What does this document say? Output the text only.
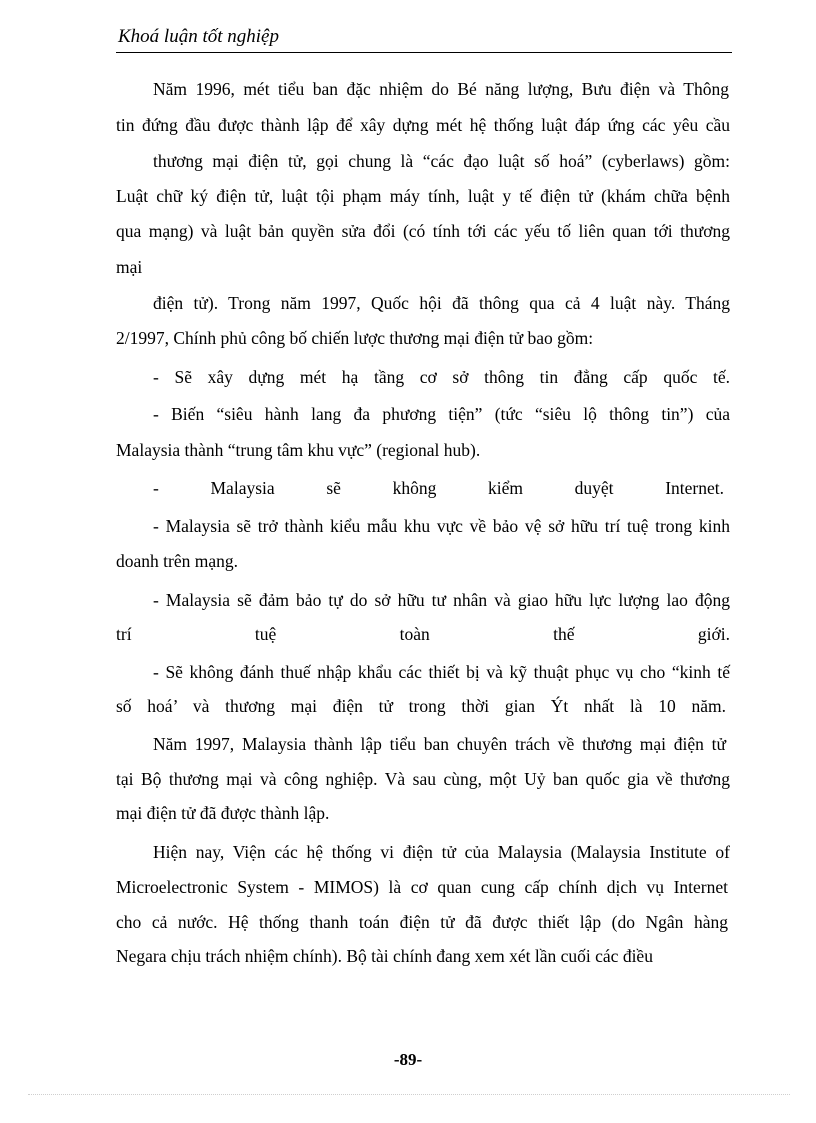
Khoá luận tốt nghiệp
Năm 1996, mét tiểu ban đặc nhiệm do Bé năng lượng, Bưu điện và Thông
tin đứng đầu được thành lập để xây dựng mét hệ thống luật đáp ứng các yêu cầu
thương mại điện tử, gọi chung là “các đạo luật số hoá” (cyberlaws) gồm:
Luật chữ ký điện tử, luật tội phạm máy tính, luật y tế điện tử (khám chữa bệnh
qua mạng) và luật bản quyền sửa đổi (có tính tới các yếu tố liên quan tới thương
mại
điện tử). Trong năm 1997, Quốc hội đã thông qua cả 4 luật này. Tháng
2/1997, Chính phủ công bố chiến lược thương mại điện tử bao gồm:
- Sẽ xây dựng mét hạ tầng cơ sở thông tin đẳng cấp quốc tế.
- Biến “siêu hành lang đa phương tiện” (tức “siêu lộ thông tin”) của
Malaysia thành “trung tâm khu vực” (regional hub).
- Malaysia sẽ không kiểm duyệt Internet.
- Malaysia sẽ trở thành kiểu mẫu khu vực về bảo vệ sở hữu trí tuệ trong kinh
doanh trên mạng.
- Malaysia sẽ đảm bảo tự do sở hữu tư nhân và giao hữu lực lượng lao động
trí tuệ toàn thế giới.
- Sẽ không đánh thuế nhập khẩu các thiết bị và kỹ thuật phục vụ cho “kinh tế
số hoá’ và thương mại điện tử trong thời gian Ýt nhất là 10 năm.
Năm 1997, Malaysia thành lập tiểu ban chuyên trách về thương mại điện tử
tại Bộ thương mại và công nghiệp. Và sau cùng, một Uỷ ban quốc gia về thương
mại điện tử đã được thành lập.
Hiện nay, Viện các hệ thống vi điện tử của Malaysia (Malaysia Institute of
Microelectronic System - MIMOS) là cơ quan cung cấp chính dịch vụ Internet
cho cả nước. Hệ thống thanh toán điện tử đã được thiết lập (do Ngân hàng
Negara chịu trách nhiệm chính). Bộ tài chính đang xem xét lần cuối các điều
-89-
